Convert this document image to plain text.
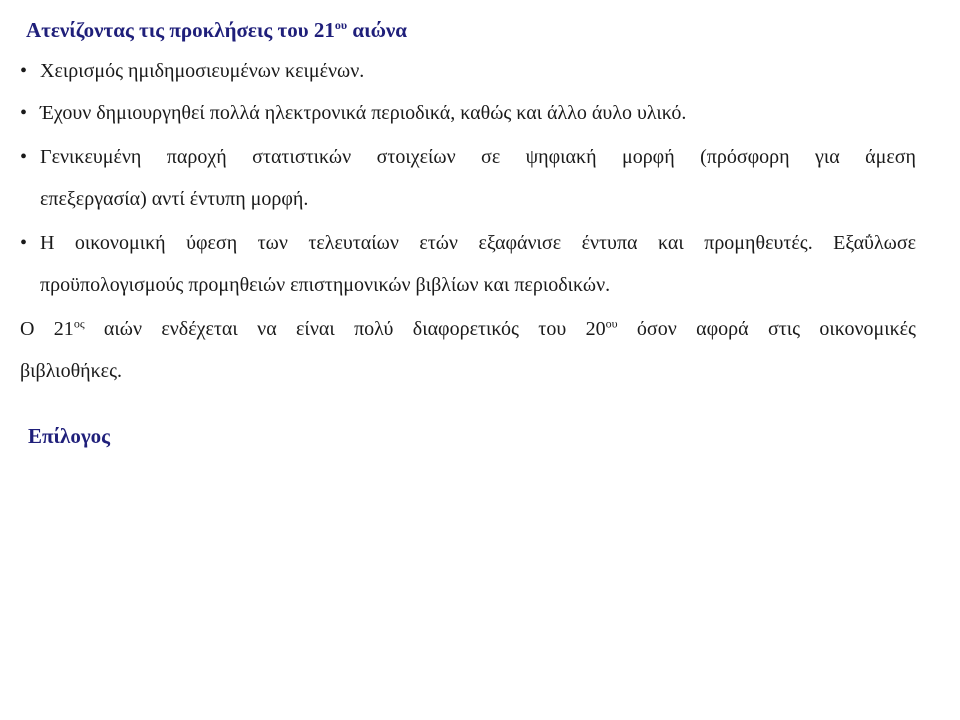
Ατενίζοντας τις προκλήσεις του $21^{o\upsilon}$ αιώνα
• Χειρισμός ημιδημοσιευμένων κειμένων.

• Έχουν δημιουργηθεί πολλά ηλεκτρονικά περιοδικά, καθώς και άλλο άυλο υλικό.

• Γενικευμένη παροχή στατιστικών στοιχείων σε ψηφιακή μορφή (πρόσφορη για άμεση

επεξεργασία) αντί έντυπη μορφή.

• Η οικονομική ύφεση των τελευταίων ετών εξαφάνισε έντυπα και προμηθευτές. Εξαΰλωσε

προϋπολογισμούς προμηθειών επιστημονικών βιβλίων και περιοδικών.

Ο $21^{o\varsigma}$ αιών ενδέχεται να είναι πολύ διαφορετικός του $20^{o\upsilon}$ όσον αφορά στις οικονομικές

βιβλιοθήκες.

Επίλογος
